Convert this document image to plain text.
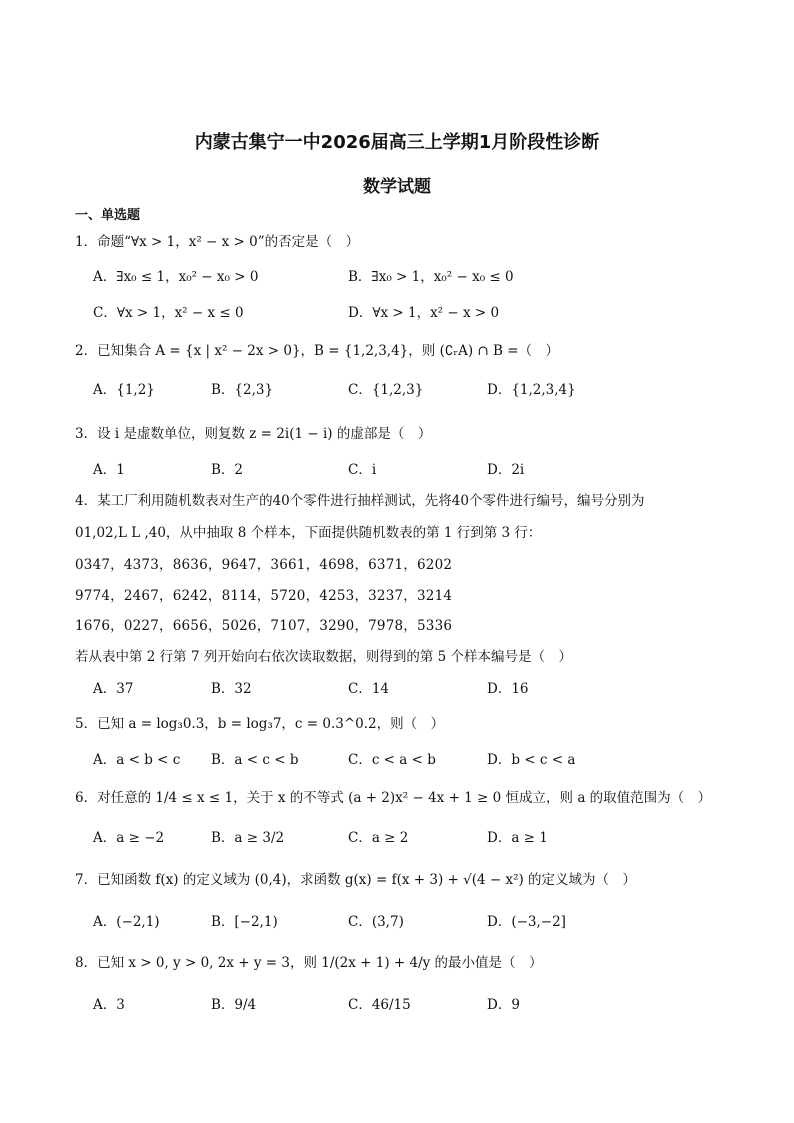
内蒙古集宁一中2026届高三上学期1月阶段性诊断
数学试题
一、单选题
1．命题“∀x > 1，x² − x > 0”的否定是（　）
A．∃x₀ ≤ 1，x₀² − x₀ > 0	B．∃x₀ > 1，x₀² − x₀ ≤ 0
C．∀x > 1，x² − x ≤ 0	D．∀x > 1，x² − x > 0
2．已知集合 A = {x | x² − 2x > 0}，B = {1,2,3,4}，则 (∁ᵣA) ∩ B =（　）
A．{1,2}	B．{2,3}	C．{1,2,3}	D．{1,2,3,4}
3．设 i 是虚数单位，则复数 z = 2i(1 − i) 的虚部是（　）
A．1	B．2	C．i	D．2i
4．某工厂利用随机数表对生产的40个零件进行抽样测试，先将40个零件进行编号，编号分别为
01,02,L L ,40，从中抽取 8 个样本，下面提供随机数表的第 1 行到第 3 行：
0347，4373，8636，9647，3661，4698，6371，6202
9774，2467，6242，8114，5720，4253，3237，3214
1676，0227，6656，5026，7107，3290，7978，5336
若从表中第 2 行第 7 列开始向右依次读取数据，则得到的第 5 个样本编号是（　）
A．37	B．32	C．14	D．16
5．已知 a = log₃0.3，b = log₃7，c = 0.3^0.2，则（　）
A．a < b < c B．a < c < b	C．c < a < b	D．b < c < a
6．对任意的 1/4 ≤ x ≤ 1，关于 x 的不等式 (a + 2)x² − 4x + 1 ≥ 0 恒成立，则 a 的取值范围为（　）
A．a ≥ −2	B．a ≥ 3/2	C．a ≥ 2	D．a ≥ 1
7．已知函数 f(x) 的定义域为 (0,4)，求函数 g(x) = f(x + 3) + √(4 − x²) 的定义域为（　）
A．(−2,1)	B．[−2,1)	C．(3,7)	D．(−3,−2]
8．已知 x > 0, y > 0, 2x + y = 3，则 1/(2x + 1) + 4/y 的最小值是（　）
A．3	B．9/4	C．46/15	D．9
